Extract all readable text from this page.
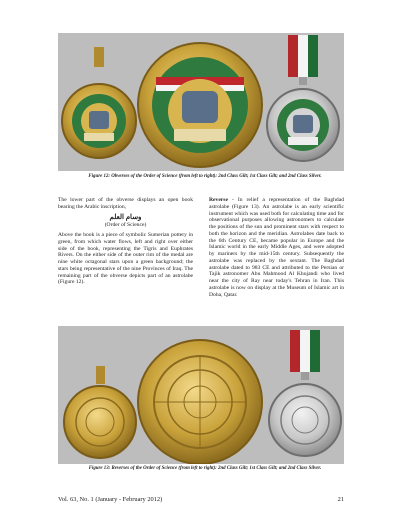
Figure 12: Obverses of the Order of Science (from left to right): 2nd Class Gilt; 1st Class Gilt; and 2nd Class Silver.

The lower part of the obverse displays an open book bearing the Arabic inscription,

وسام العلم
(Order of Science)

Above the book is a piece of symbolic Sumerian pottery in green, from which water flows, left and right over either side of the book, representing the Tigris and Euphrates Rivers. On the either side of the outer rim of the medal are nine white octagonal stars upon a green background; the stars being representative of the nine Provinces of Iraq. The remaining part of the obverse depicts part of an astrolabe (Figure 12).

Reverse - In relief a representation of the Baghdad astrolabe (Figure 13). An astrolabe is an early scientific instrument which was used both for calculating time and for observational purposes allowing astronomers to calculate the positions of the sun and prominent stars with respect to both the horizon and the meridian. Astrolabes date back to the 6th Century CE, became popular in Europe and the Islamic world in the early Middle Ages, and were adopted by mariners by the mid-15th century. Subsequently the astrolabe was replaced by the sextant. The Baghdad astrolabe dated to 983 CE and attributed to the Persian or Tajik astronomer Abu Mahmood Al Khujandi who lived near the city of Ray near today's Tehran in Iran. This astrolabe is now on display at the Museum of Islamic art in Doha, Qatar.

Figure 13: Reverses of the Order of Science (from left to right): 2nd Class Gilt; 1st Class Gilt; and 2nd Class Silver.
Vol. 63, No. 1 (January - February 2012)	21
